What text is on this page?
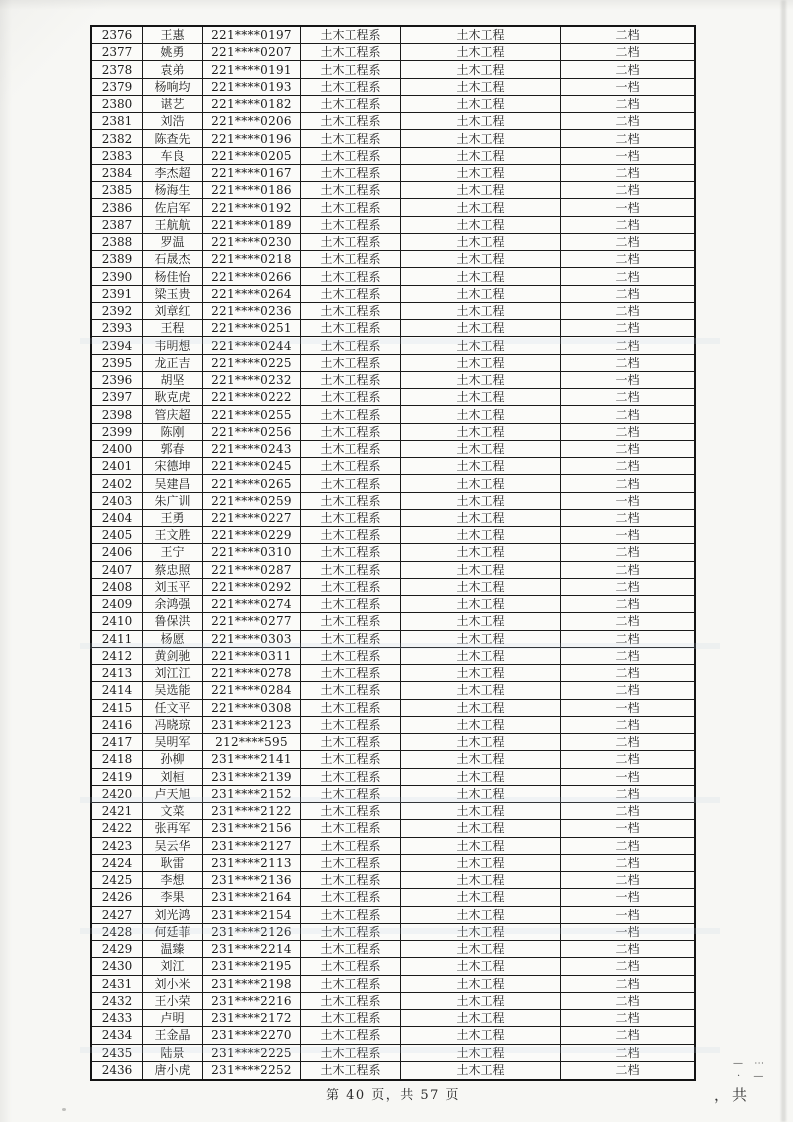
2376	王惠	221****0197	土木工程系	土木工程	二档
2377	姚勇	221****0207	土木工程系	土木工程	二档
2378	袁弟	221****0191	土木工程系	土木工程	二档
2379	杨响均	221****0193	土木工程系	土木工程	一档
2380	谌艺	221****0182	土木工程系	土木工程	二档
2381	刘浩	221****0206	土木工程系	土木工程	二档
2382	陈查先	221****0196	土木工程系	土木工程	二档
2383	车良	221****0205	土木工程系	土木工程	一档
2384	李杰超	221****0167	土木工程系	土木工程	二档
2385	杨海生	221****0186	土木工程系	土木工程	二档
2386	佐启军	221****0192	土木工程系	土木工程	一档
2387	王航航	221****0189	土木工程系	土木工程	二档
2388	罗温	221****0230	土木工程系	土木工程	二档
2389	石晟杰	221****0218	土木工程系	土木工程	二档
2390	杨佳怡	221****0266	土木工程系	土木工程	二档
2391	梁玉贵	221****0264	土木工程系	土木工程	二档
2392	刘章红	221****0236	土木工程系	土木工程	二档
2393	王程	221****0251	土木工程系	土木工程	二档
2394	韦明想	221****0244	土木工程系	土木工程	二档
2395	龙正吉	221****0225	土木工程系	土木工程	二档
2396	胡坚	221****0232	土木工程系	土木工程	一档
2397	耿克虎	221****0222	土木工程系	土木工程	二档
2398	管庆超	221****0255	土木工程系	土木工程	二档
2399	陈刚	221****0256	土木工程系	土木工程	二档
2400	郭春	221****0243	土木工程系	土木工程	二档
2401	宋德坤	221****0245	土木工程系	土木工程	二档
2402	吴建昌	221****0265	土木工程系	土木工程	二档
2403	朱广训	221****0259	土木工程系	土木工程	一档
2404	王勇	221****0227	土木工程系	土木工程	二档
2405	王文胜	221****0229	土木工程系	土木工程	一档
2406	王宁	221****0310	土木工程系	土木工程	二档
2407	蔡忠照	221****0287	土木工程系	土木工程	二档
2408	刘玉平	221****0292	土木工程系	土木工程	二档
2409	余鸿强	221****0274	土木工程系	土木工程	二档
2410	鲁保洪	221****0277	土木工程系	土木工程	二档
2411	杨愿	221****0303	土木工程系	土木工程	二档
2412	黄剑驰	221****0311	土木工程系	土木工程	二档
2413	刘江江	221****0278	土木工程系	土木工程	二档
2414	吴选能	221****0284	土木工程系	土木工程	二档
2415	任文平	221****0308	土木工程系	土木工程	一档
2416	冯晓琼	231****2123	土木工程系	土木工程	二档
2417	吴明军	212****595	土木工程系	土木工程	二档
2418	孙柳	231****2141	土木工程系	土木工程	二档
2419	刘桓	231****2139	土木工程系	土木工程	一档
2420	卢天旭	231****2152	土木工程系	土木工程	二档
2421	文菜	231****2122	土木工程系	土木工程	二档
2422	张再军	231****2156	土木工程系	土木工程	一档
2423	吴云华	231****2127	土木工程系	土木工程	二档
2424	耿雷	231****2113	土木工程系	土木工程	二档
2425	李想	231****2136	土木工程系	土木工程	二档
2426	李果	231****2164	土木工程系	土木工程	一档
2427	刘光鸿	231****2154	土木工程系	土木工程	一档
2428	何廷菲	231****2126	土木工程系	土木工程	一档
2429	温臻	231****2214	土木工程系	土木工程	二档
2430	刘江	231****2195	土木工程系	土木工程	二档
2431	刘小米	231****2198	土木工程系	土木工程	二档
2432	王小荣	231****2216	土木工程系	土木工程	二档
2433	卢明	231****2172	土木工程系	土木工程	二档
2434	王金晶	231****2270	土木工程系	土木工程	二档
2435	陆景	231****2225	土木工程系	土木工程	二档
2436	唐小虎	231****2252	土木工程系	土木工程	二档
第 40 页，共 57 页
— ⋯
· —
，共
